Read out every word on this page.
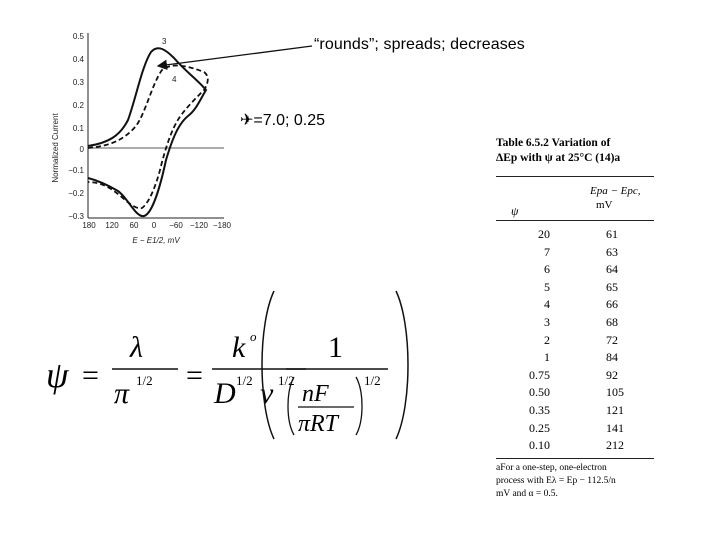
Normalized Current
0.5
0.4
0.3
0.2
0.1
0
−0.1
−0.2
−0.3
180 120 60 0 −60 −120 −180
E − E1/2, mV
3
4
“rounds”; spreads; decreases
✈=7.0; 0.25
Table 6.5.2 Variation of
ΔEp with ψ at 25°C (14)a
ψ
Epa − Epc,
mV
20	61
7	63
6	64
5	65
4	66
3	68
2	72
1	84
0.75	92
0.50	105
0.35	121
0.25	141
0.10	212
aFor a one-step, one-electron
process with Eλ = Ep − 112.5/n
mV and α = 0.5.
ψ =
λ
π 1/2 =
k o
D 1/2 ν 1/2
1
nF
πRT
1/2
